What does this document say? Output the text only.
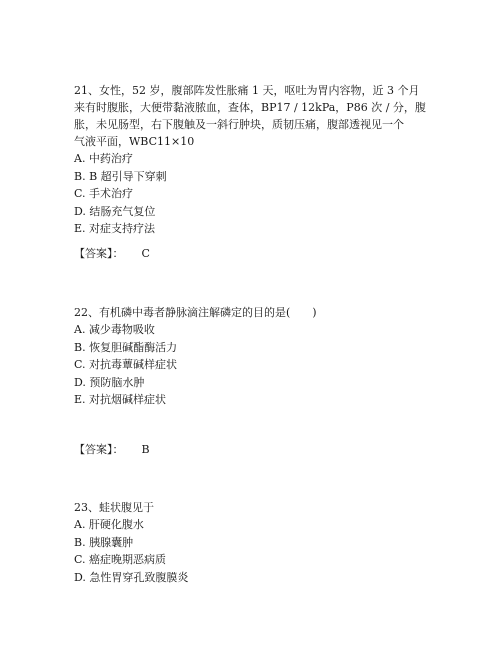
21、女性，52 岁，腹部阵发性胀痛 1 天，呕吐为胃内容物，近 3 个月

来有时腹胀，大便带黏液脓血，查体，BP17 / 12kPa，P86 次 / 分，腹

胀，未见肠型，右下腹触及一斜行肿块，质韧压痛，腹部透视见一个

气液平面，WBC11×10

A. 中药治疗

B. B 超引导下穿刺

C. 手术治疗

D. 结肠充气复位

E. 对症支持疗法

【答案】： C

22、有机磷中毒者静脉滴注解磷定的目的是(　　)

A. 减少毒物吸收

B. 恢复胆碱酯酶活力

C. 对抗毒蕈碱样症状

D. 预防脑水肿

E. 对抗烟碱样症状

【答案】： B

23、蛙状腹见于

A. 肝硬化腹水

B. 胰腺囊肿

C. 癌症晚期恶病质

D. 急性胃穿孔致腹膜炎
